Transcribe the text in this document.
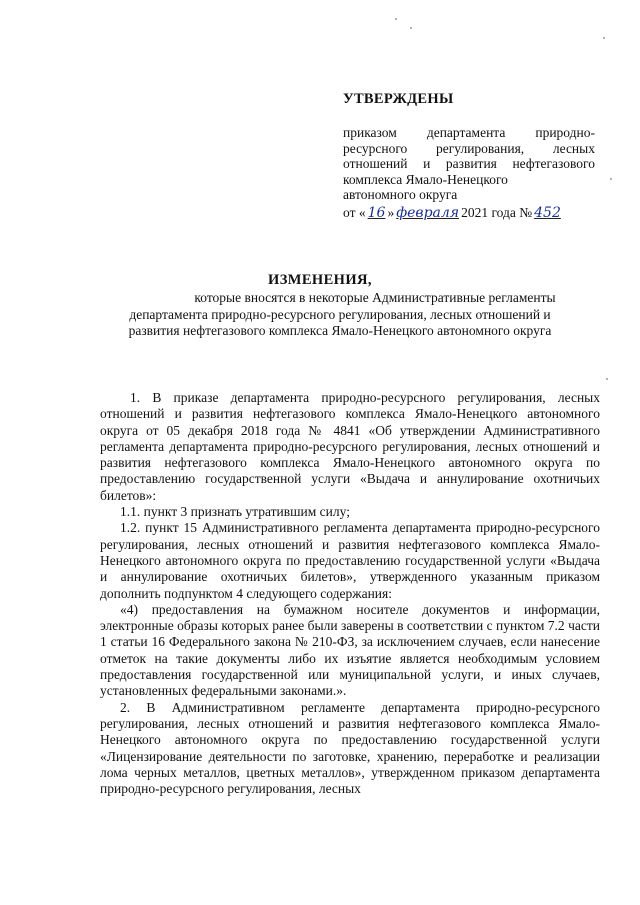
УТВЕРЖДЕНЫ
приказом департамента природно-
ресурсного регулирования, лесных
отношений и развития нефтегазового
комплекса Ямало-Ненецкого
автономного округа
от « 16 » февраля 2021 года № 452
ИЗМЕНЕНИЯ,
которые вносятся в некоторые Административные регламенты
департамента природно-ресурсного регулирования, лесных отношений и
развития нефтегазового комплекса Ямало-Ненецкого автономного округа

1. В приказе департамента природно-ресурсного регулирования, лесных отношений и развития нефтегазового комплекса Ямало-Ненецкого автономного округа от 05 декабря 2018 года № 4841 «Об утверждении Административного регламента департамента природно-ресурсного регулирования, лесных отношений и развития нефтегазового комплекса Ямало-Ненецкого автономного округа по предоставлению государственной услуги «Выдача и аннулирование охотничьих билетов»:

1.1. пункт 3 признать утратившим силу;

1.2. пункт 15 Административного регламента департамента природно-ресурсного регулирования, лесных отношений и развития нефтегазового комплекса Ямало-Ненецкого автономного округа по предоставлению государственной услуги «Выдача и аннулирование охотничьих билетов», утвержденного указанным приказом дополнить подпунктом 4 следующего содержания:

«4) предоставления на бумажном носителе документов и информации, электронные образы которых ранее были заверены в соответствии с пунктом 7.2 части 1 статьи 16 Федерального закона № 210-ФЗ, за исключением случаев, если нанесение отметок на такие документы либо их изъятие является необходимым условием предоставления государственной или муниципальной услуги, и иных случаев, установленных федеральными законами.».

2. В Административном регламенте департамента природно-ресурсного регулирования, лесных отношений и развития нефтегазового комплекса Ямало-Ненецкого автономного округа по предоставлению государственной услуги «Лицензирование деятельности по заготовке, хранению, переработке и реализации лома черных металлов, цветных металлов», утвержденном приказом департамента природно-ресурсного регулирования, лесных
